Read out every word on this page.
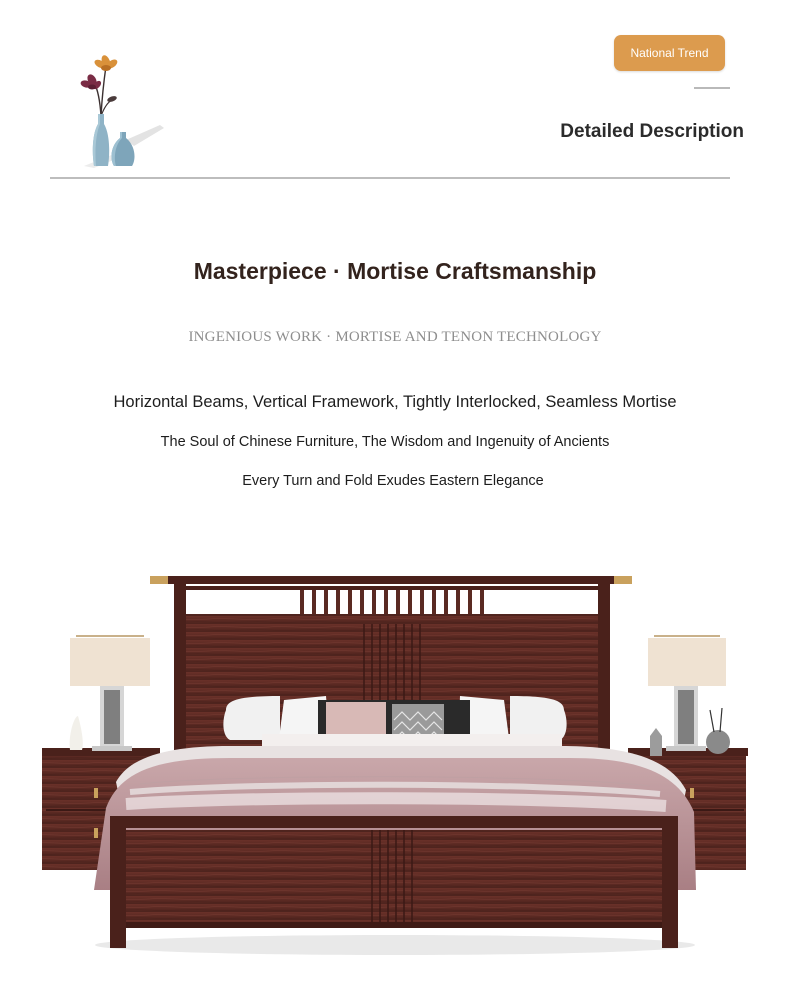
National Trend
Detailed Description
Masterpiece · Mortise Craftsmanship
INGENIOUS WORK · MORTISE AND TENON TECHNOLOGY
Horizontal Beams, Vertical Framework, Tightly Interlocked, Seamless Mortise
The Soul of Chinese Furniture, The Wisdom and Ingenuity of Ancients
Every Turn and Fold Exudes Eastern Elegance
